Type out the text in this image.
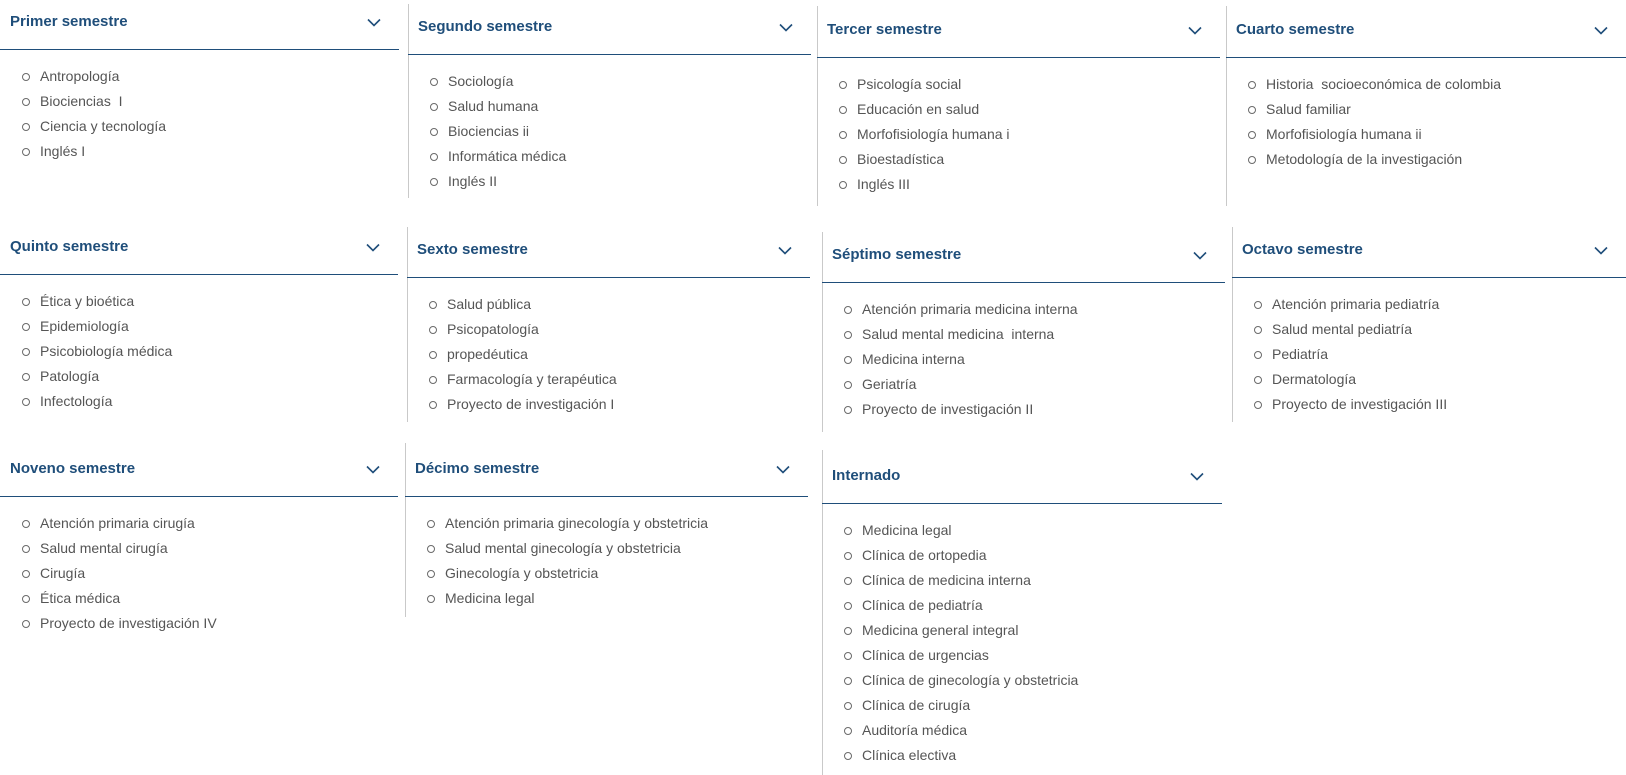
Primer semestre
Antropología
Biociencias  I
Ciencia y tecnología
Inglés I
Segundo semestre
Sociología
Salud humana
Biociencias ii
Informática médica
Inglés II
Tercer semestre
Psicología social
Educación en salud
Morfofisiología humana i
Bioestadística
Inglés III
Cuarto semestre
Historia  socioeconómica de colombia
Salud familiar
Morfofisiología humana ii
Metodología de la investigación
Quinto semestre
Ética y bioética
Epidemiología
Psicobiología médica
Patología
Infectología
Sexto semestre
Salud pública
Psicopatología
propedéutica
Farmacología y terapéutica
Proyecto de investigación I
Séptimo semestre
Atención primaria medicina interna
Salud mental medicina  interna
Medicina interna
Geriatría
Proyecto de investigación II
Octavo semestre
Atención primaria pediatría
Salud mental pediatría
Pediatría
Dermatología
Proyecto de investigación III
Noveno semestre
Atención primaria cirugía
Salud mental cirugía
Cirugía
Ética médica
Proyecto de investigación IV
Décimo semestre
Atención primaria ginecología y obstetricia
Salud mental ginecología y obstetricia
Ginecología y obstetricia
Medicina legal
Internado
Medicina legal
Clínica de ortopedia
Clínica de medicina interna
Clínica de pediatría
Medicina general integral
Clínica de urgencias
Clínica de ginecología y obstetricia
Clínica de cirugía
Auditoría médica
Clínica electiva
